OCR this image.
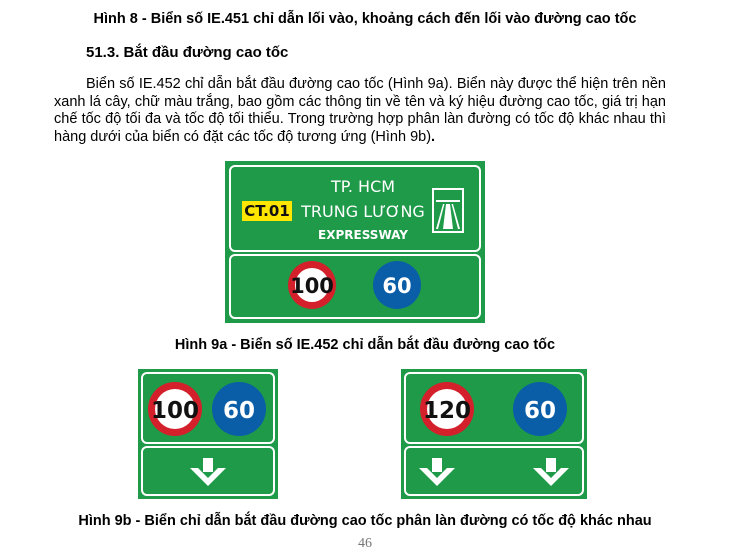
Hình 8 - Biển số IE.451 chỉ dẫn lối vào, khoảng cách đến lối vào đường cao tốc
51.3. Bắt đầu đường cao tốc
Biển số IE.452 chỉ dẫn bắt đầu đường cao tốc (Hình 9a). Biển này được thể hiện trên nền xanh lá cây, chữ màu trắng, bao gồm các thông tin về tên và ký hiệu đường cao tốc, giá trị hạn chế tốc độ tối đa và tốc độ tối thiểu. Trong trường hợp phân làn đường có tốc độ khác nhau thì hàng dưới của biển có đặt các tốc độ tương ứng (Hình 9b).
CT.01
TP. HCM
TRUNG LƯƠNG
EXPRESSWAY
100 60
Hình 9a - Biển số IE.452 chỉ dẫn bắt đầu đường cao tốc
100 60	120 60
Hình 9b - Biển chỉ dẫn bắt đầu đường cao tốc phân làn đường có tốc độ khác nhau
46
